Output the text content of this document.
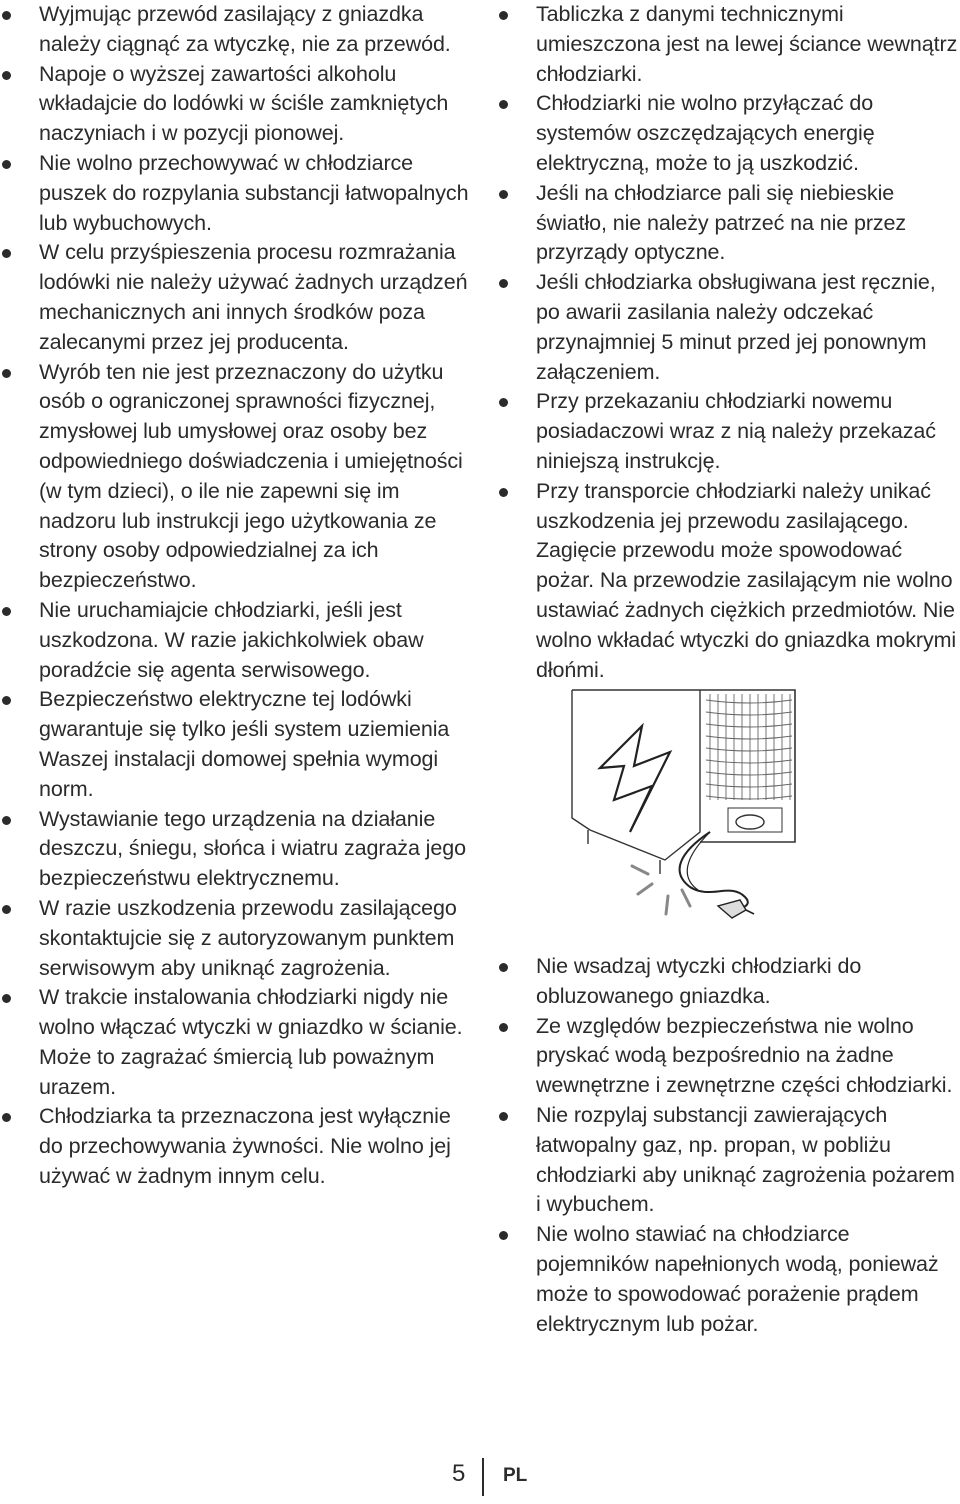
Wyjmując przewód zasilający z gniazdka należy ciągnąć za wtyczkę, nie za przewód.
Napoje o wyższej zawartości alkoholu wkładajcie do lodówki w ściśle zamkniętych naczyniach i w pozycji pionowej.
Nie wolno przechowywać w chłodziarce puszek do rozpylania substancji łatwopalnych lub wybuchowych.
W celu przyśpieszenia procesu rozmrażania lodówki nie należy używać żadnych urządzeń mechanicznych ani innych środków poza zalecanymi przez jej producenta.
Wyrób ten nie jest przeznaczony do użytku osób o ograniczonej sprawności fizycznej, zmysłowej lub umysłowej oraz osoby bez odpowiedniego doświadczenia i umiejętności (w tym dzieci), o ile nie zapewni się im nadzoru lub instrukcji jego użytkowania ze strony osoby odpowiedzialnej za ich bezpieczeństwo.
Nie uruchamiajcie chłodziarki, jeśli jest uszkodzona. W razie jakichkolwiek obaw poradźcie się agenta serwisowego.
Bezpieczeństwo elektryczne tej lodówki gwarantuje się tylko jeśli system uziemienia Waszej instalacji domowej spełnia wymogi norm.
Wystawianie tego urządzenia na działanie deszczu, śniegu, słońca i wiatru zagraża jego bezpieczeństwu elektrycznemu.
W razie uszkodzenia przewodu zasilającego skontaktujcie się z autoryzowanym punktem serwisowym aby uniknąć zagrożenia.
W trakcie instalowania chłodziarki nigdy nie wolno włączać wtyczki w gniazdko w ścianie. Może to zagrażać śmiercią lub poważnym urazem.
Chłodziarka ta przeznaczona jest wyłącznie do przechowywania żywności. Nie wolno jej używać w żadnym innym celu.
Tabliczka z danymi technicznymi umieszczona jest na lewej ściance wewnątrz chłodziarki.
Chłodziarki nie wolno przyłączać do systemów oszczędzających energię elektryczną, może to ją uszkodzić.
Jeśli na chłodziarce pali się niebieskie światło, nie należy patrzeć na nie przez przyrządy optyczne.
Jeśli chłodziarka obsługiwana jest ręcznie, po awarii zasilania należy odczekać przynajmniej 5 minut przed jej ponownym załączeniem.
Przy przekazaniu chłodziarki nowemu posiadaczowi wraz z nią należy przekazać niniejszą instrukcję.
Przy transporcie chłodziarki należy unikać uszkodzenia jej przewodu zasilającego. Zagięcie przewodu może spowodować pożar. Na przewodzie zasilającym nie wolno ustawiać żadnych ciężkich przedmiotów. Nie wolno wkładać wtyczki do gniazdka mokrymi dłońmi.
Nie wsadzaj wtyczki chłodziarki do obluzowanego gniazdka.
Ze względów bezpieczeństwa nie wolno pryskać wodą bezpośrednio na żadne wewnętrzne i zewnętrzne części chłodziarki.
Nie rozpylaj substancji zawierających łatwopalny gaz, np. propan, w pobliżu chłodziarki aby uniknąć zagrożenia pożarem i wybuchem.
Nie wolno stawiać na chłodziarce pojemników napełnionych wodą, ponieważ może to spowodować porażenie prądem elektrycznym lub pożar.
5 PL
